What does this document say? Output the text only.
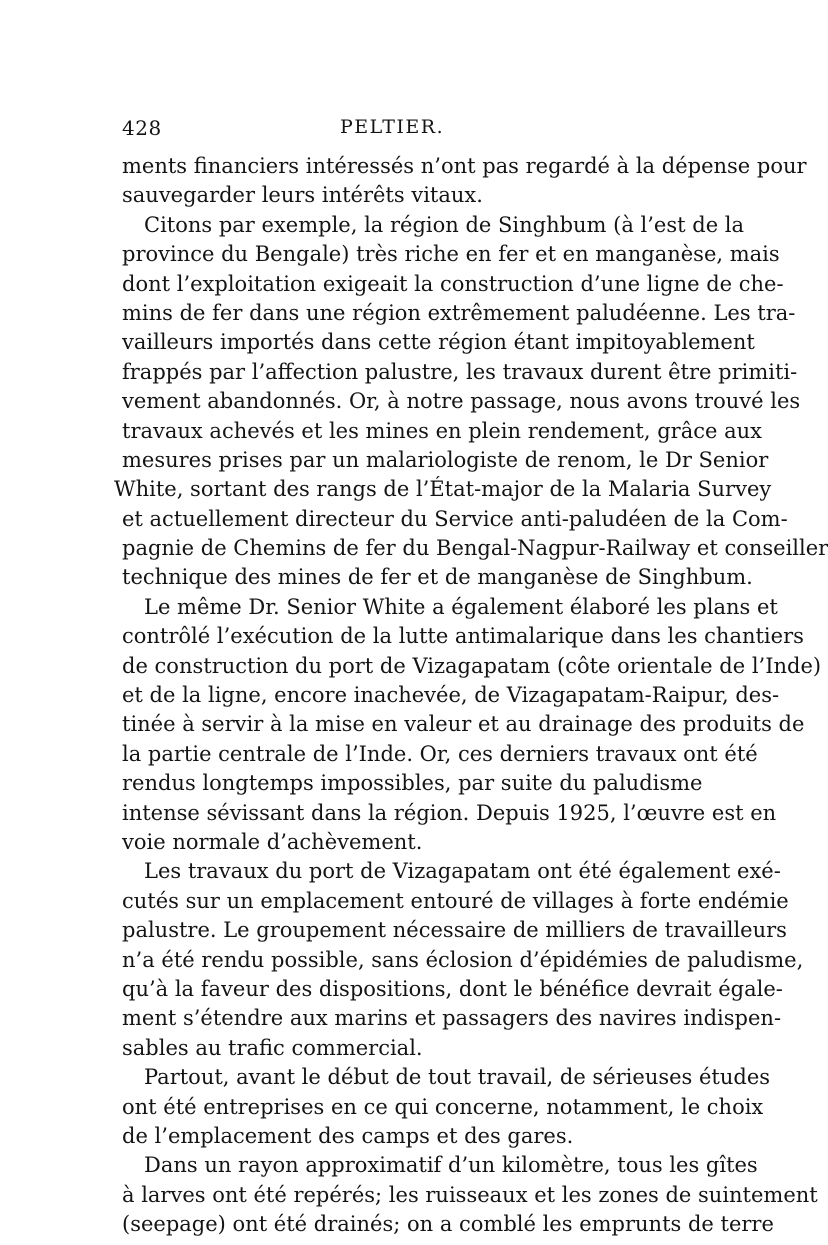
428	PELTIER.
ments financiers intéressés n’ont pas regardé à la dépense pour
sauvegarder leurs intérêts vitaux.
Citons par exemple, la région de Singhbum (à l’est de la
province du Bengale) très riche en fer et en manganèse, mais
dont l’exploitation exigeait la construction d’une ligne de che-
mins de fer dans une région extrêmement paludéenne. Les tra-
vailleurs importés dans cette région étant impitoyablement
frappés par l’affection palustre, les travaux durent être primiti-
vement abandonnés. Or, à notre passage, nous avons trouvé les
travaux achevés et les mines en plein rendement, grâce aux
mesures prises par un malariologiste de renom, le Dr Senior
White, sortant des rangs de l’État-major de la Malaria Survey
et actuellement directeur du Service anti-paludéen de la Com-
pagnie de Chemins de fer du Bengal-Nagpur-Railway et conseiller
technique des mines de fer et de manganèse de Singhbum.
Le même Dr. Senior White a également élaboré les plans et
contrôlé l’exécution de la lutte antimalarique dans les chantiers
de construction du port de Vizagapatam (côte orientale de l’Inde)
et de la ligne, encore inachevée, de Vizagapatam-Raipur, des-
tinée à servir à la mise en valeur et au drainage des produits de
la partie centrale de l’Inde. Or, ces derniers travaux ont été
rendus longtemps impossibles, par suite du paludisme
intense sévissant dans la région. Depuis 1925, l’œuvre est en
voie normale d’achèvement.
Les travaux du port de Vizagapatam ont été également exé-
cutés sur un emplacement entouré de villages à forte endémie
palustre. Le groupement nécessaire de milliers de travailleurs
n’a été rendu possible, sans éclosion d’épidémies de paludisme,
qu’à la faveur des dispositions, dont le bénéfice devrait égale-
ment s’étendre aux marins et passagers des navires indispen-
sables au trafic commercial.
Partout, avant le début de tout travail, de sérieuses études
ont été entreprises en ce qui concerne, notamment, le choix
de l’emplacement des camps et des gares.
Dans un rayon approximatif d’un kilomètre, tous les gîtes
à larves ont été repérés; les ruisseaux et les zones de suintement
(seepage) ont été drainés; on a comblé les emprunts de terre
